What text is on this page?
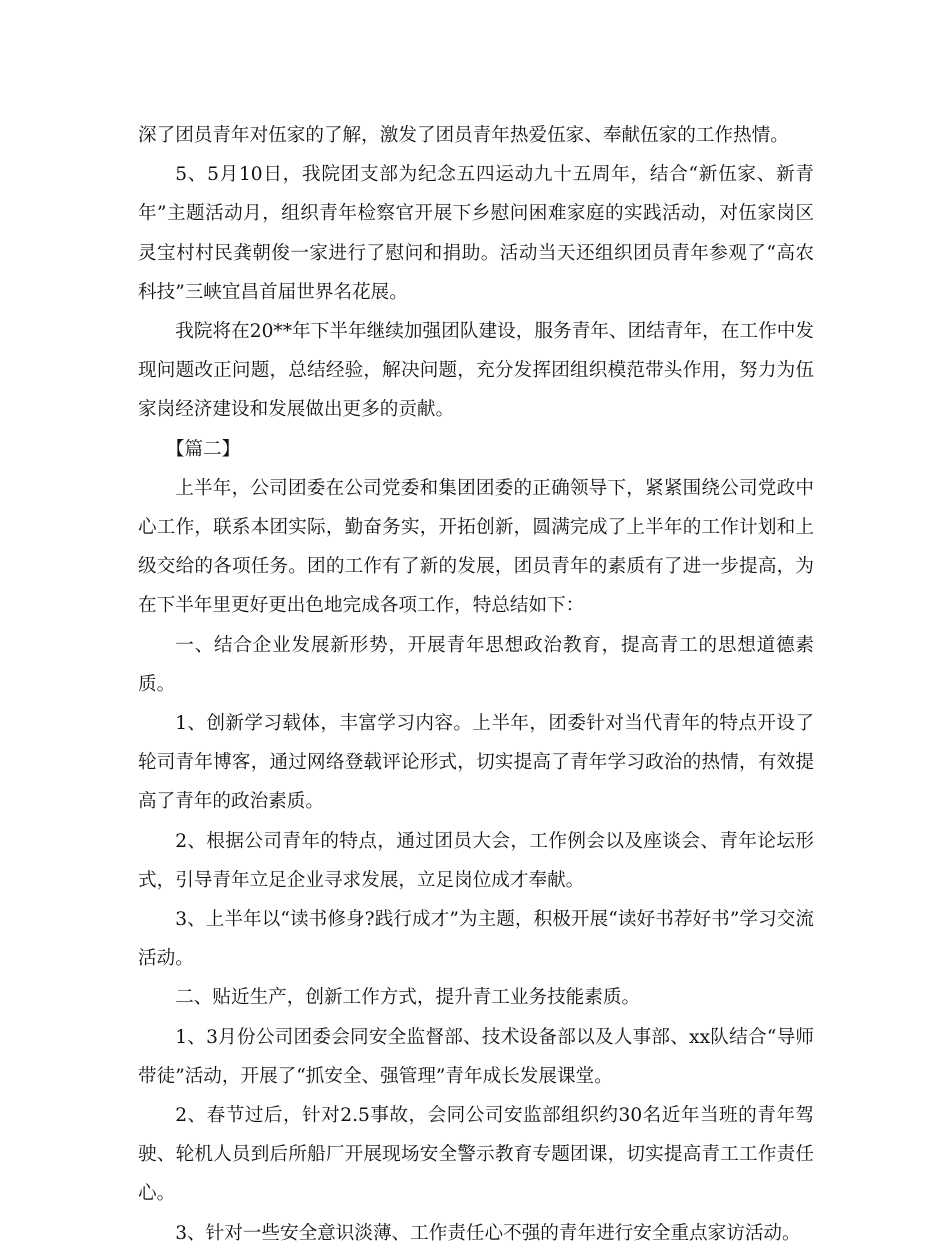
深了团员青年对伍家的了解，激发了团员青年热爱伍家、奉献伍家的工作热情。

5、5月10日，我院团支部为纪念五四运动九十五周年，结合“新伍家、新青年”主题活动月，组织青年检察官开展下乡慰问困难家庭的实践活动，对伍家岗区灵宝村村民龚朝俊一家进行了慰问和捐助。活动当天还组织团员青年参观了“高农科技”三峡宜昌首届世界名花展。

我院将在20**年下半年继续加强团队建设，服务青年、团结青年，在工作中发现问题改正问题，总结经验，解决问题，充分发挥团组织模范带头作用，努力为伍家岗经济建设和发展做出更多的贡献。

【篇二】

上半年，公司团委在公司党委和集团团委的正确领导下，紧紧围绕公司党政中心工作，联系本团实际，勤奋务实，开拓创新，圆满完成了上半年的工作计划和上级交给的各项任务。团的工作有了新的发展，团员青年的素质有了进一步提高，为在下半年里更好更出色地完成各项工作，特总结如下：

一、结合企业发展新形势，开展青年思想政治教育，提高青工的思想道德素质。

1、创新学习载体，丰富学习内容。上半年，团委针对当代青年的特点开设了轮司青年博客，通过网络登载评论形式，切实提高了青年学习政治的热情，有效提高了青年的政治素质。

2、根据公司青年的特点，通过团员大会，工作例会以及座谈会、青年论坛形式，引导青年立足企业寻求发展，立足岗位成才奉献。

3、上半年以“读书修身?践行成才”为主题，积极开展“读好书荐好书”学习交流活动。

二、贴近生产，创新工作方式，提升青工业务技能素质。

1、3月份公司团委会同安全监督部、技术设备部以及人事部、xx队结合“导师带徒”活动，开展了“抓安全、强管理”青年成长发展课堂。

2、春节过后，针对2.5事故，会同公司安监部组织约30名近年当班的青年驾驶、轮机人员到后所船厂开展现场安全警示教育专题团课，切实提高青工工作责任心。

3、针对一些安全意识淡薄、工作责任心不强的青年进行安全重点家访活动。
